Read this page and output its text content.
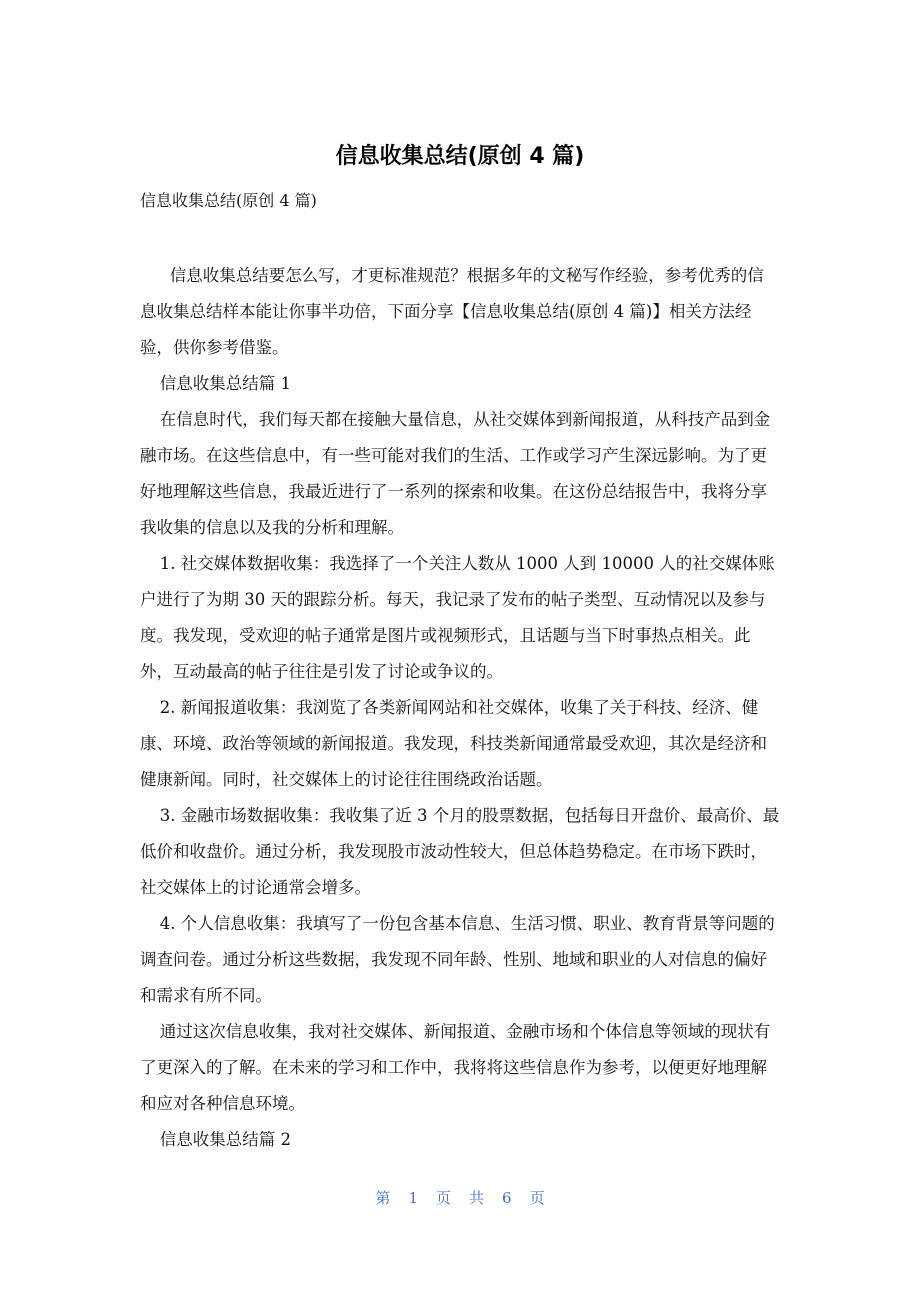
信息收集总结(原创 4 篇)
信息收集总结(原创 4 篇)

信息收集总结要怎么写，才更标准规范？根据多年的文秘写作经验，参考优秀的信息收集总结样本能让你事半功倍，下面分享【信息收集总结(原创 4 篇)】相关方法经验，供你参考借鉴。

信息收集总结篇 1

在信息时代，我们每天都在接触大量信息，从社交媒体到新闻报道，从科技产品到金融市场。在这些信息中，有一些可能对我们的生活、工作或学习产生深远影响。为了更好地理解这些信息，我最近进行了一系列的探索和收集。在这份总结报告中，我将分享我收集的信息以及我的分析和理解。

1. 社交媒体数据收集：我选择了一个关注人数从 1000 人到 10000 人的社交媒体账户进行了为期 30 天的跟踪分析。每天，我记录了发布的帖子类型、互动情况以及参与度。我发现，受欢迎的帖子通常是图片或视频形式，且话题与当下时事热点相关。此外，互动最高的帖子往往是引发了讨论或争议的。

2. 新闻报道收集：我浏览了各类新闻网站和社交媒体，收集了关于科技、经济、健康、环境、政治等领域的新闻报道。我发现，科技类新闻通常最受欢迎，其次是经济和健康新闻。同时，社交媒体上的讨论往往围绕政治话题。

3. 金融市场数据收集：我收集了近 3 个月的股票数据，包括每日开盘价、最高价、最低价和收盘价。通过分析，我发现股市波动性较大，但总体趋势稳定。在市场下跌时，社交媒体上的讨论通常会增多。

4. 个人信息收集：我填写了一份包含基本信息、生活习惯、职业、教育背景等问题的调查问卷。通过分析这些数据，我发现不同年龄、性别、地域和职业的人对信息的偏好和需求有所不同。

通过这次信息收集，我对社交媒体、新闻报道、金融市场和个体信息等领域的现状有了更深入的了解。在未来的学习和工作中，我将将这些信息作为参考，以便更好地理解和应对各种信息环境。

信息收集总结篇 2

第 1 页 共 6 页
